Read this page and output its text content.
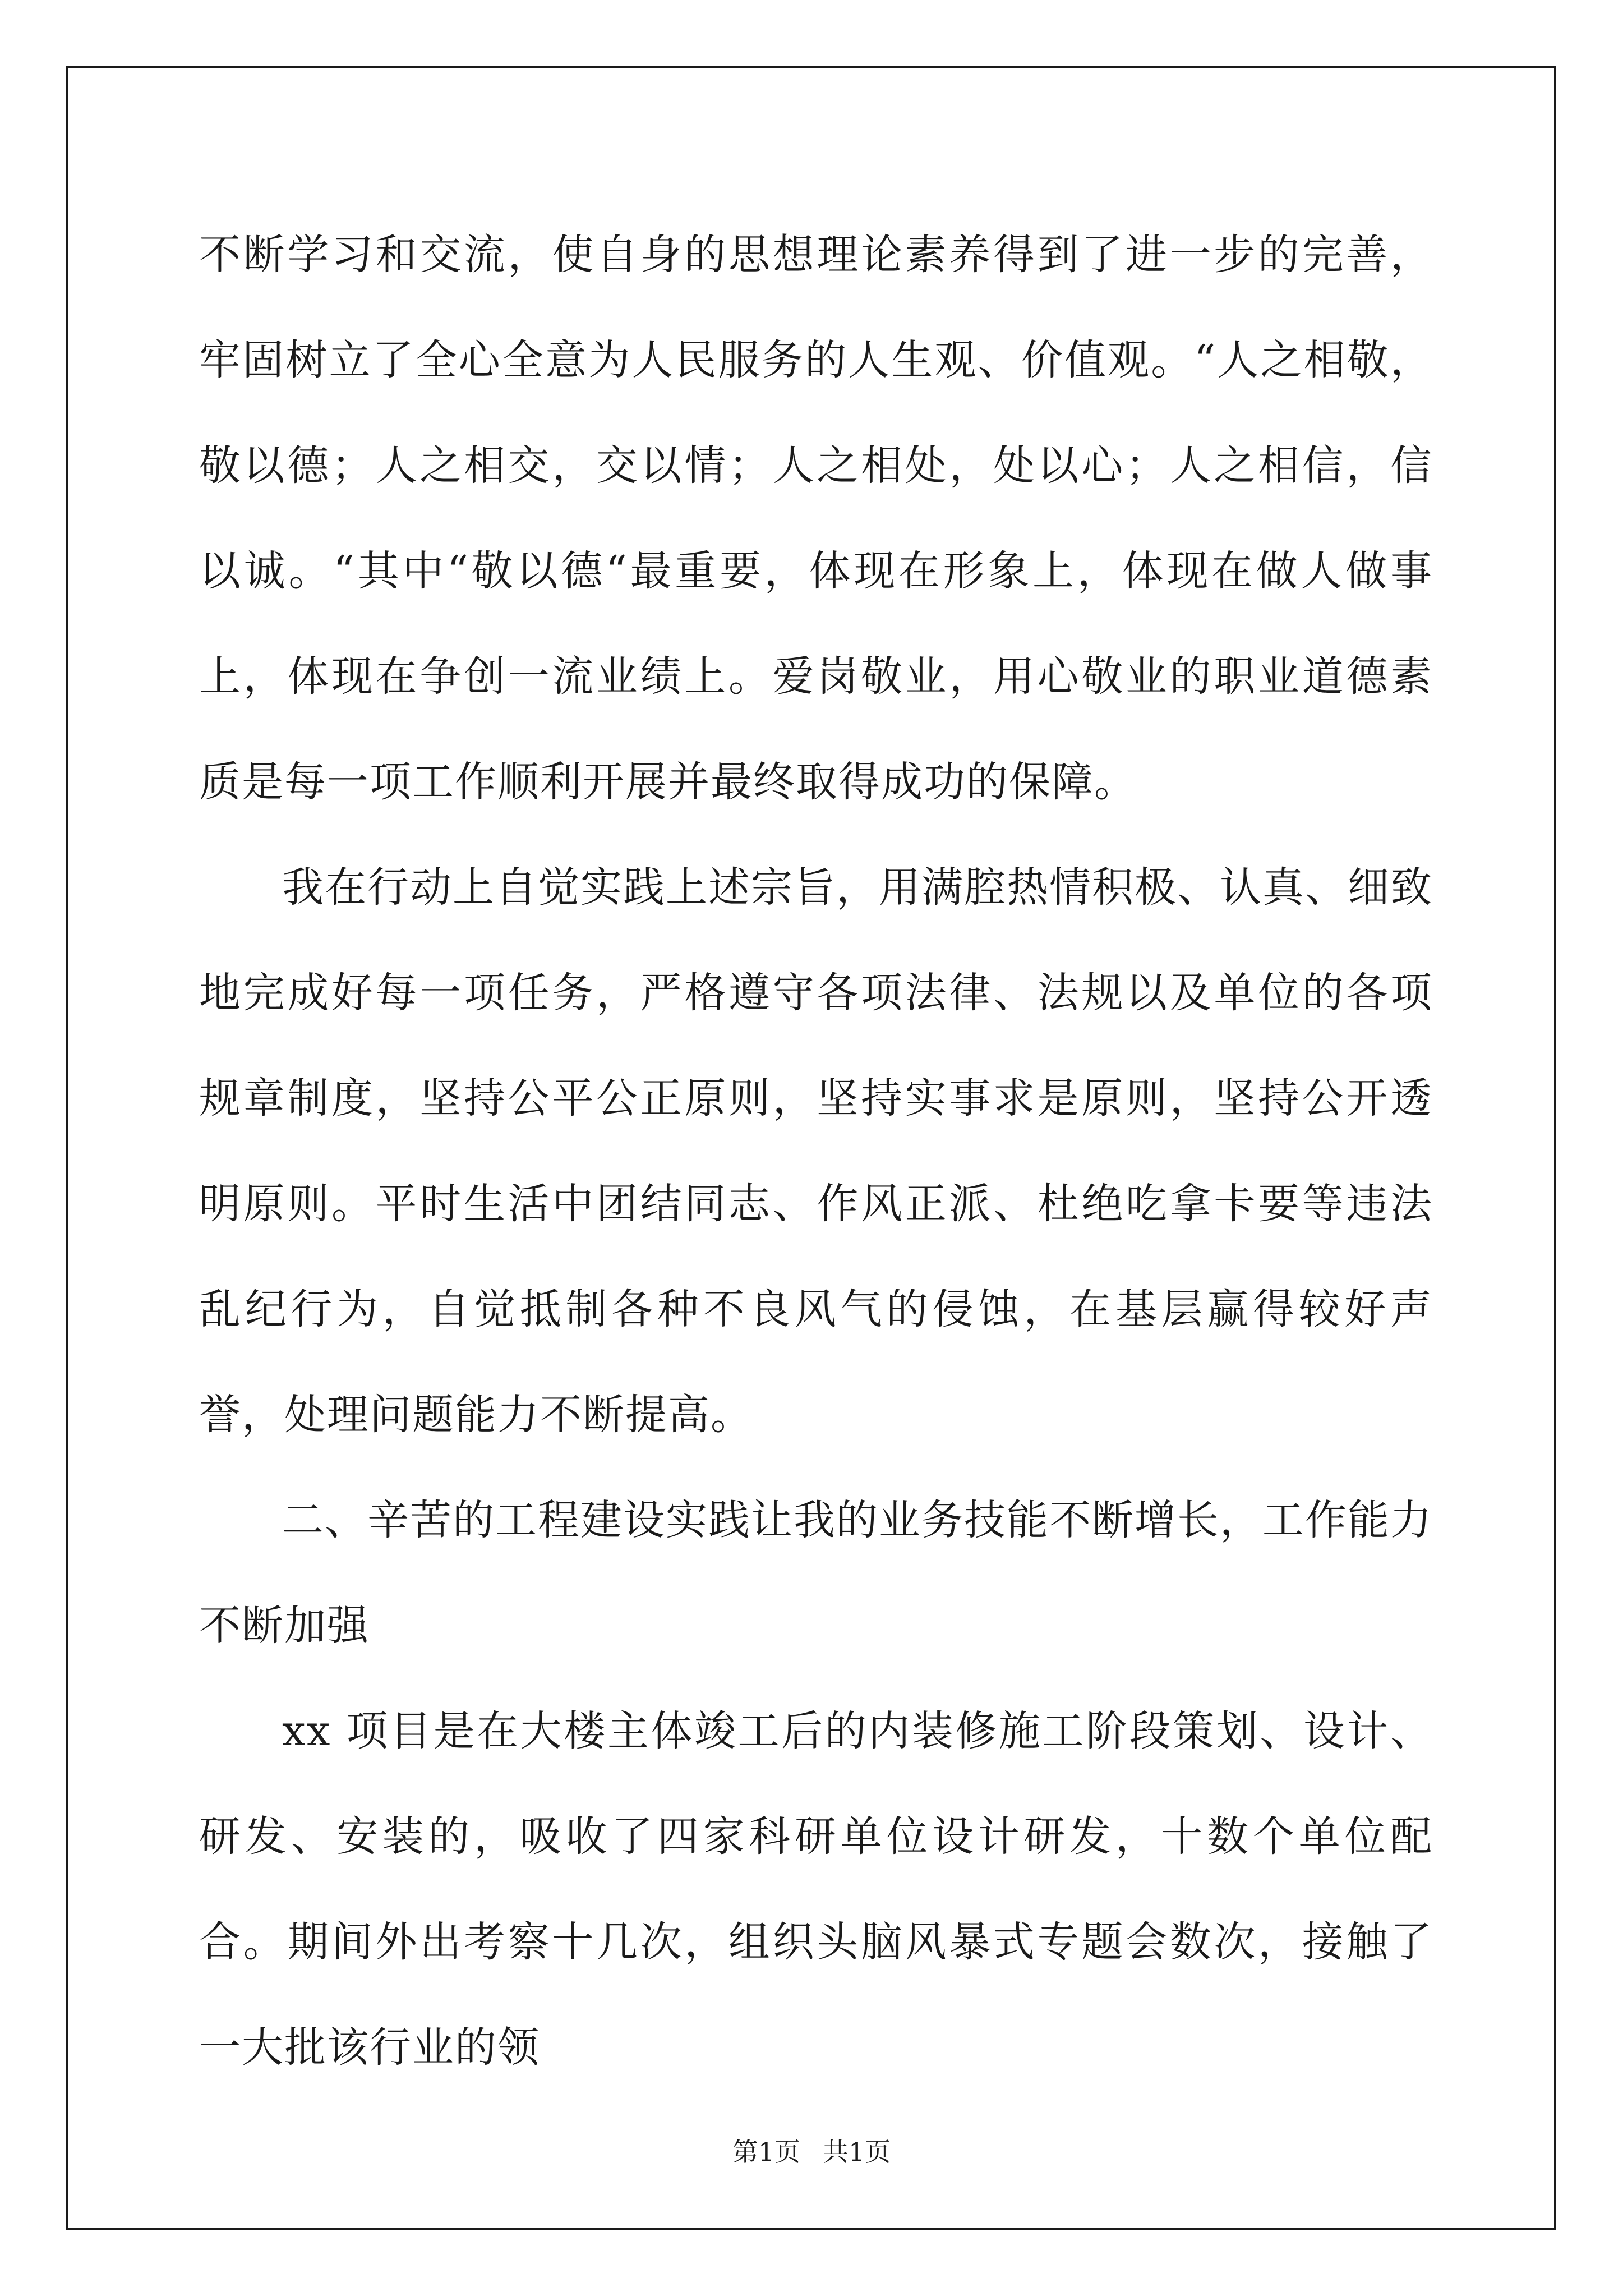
不断学习和交流，使自身的思想理论素养得到了进一步的完善，牢固树立了全心全意为人民服务的人生观、价值观。“人之相敬，敬以德；人之相交，交以情；人之相处，处以心；人之相信，信以诚。“其中“敬以德“最重要，体现在形象上，体现在做人做事上，体现在争创一流业绩上。爱岗敬业，用心敬业的职业道德素质是每一项工作顺利开展并最终取得成功的保障。

我在行动上自觉实践上述宗旨，用满腔热情积极、认真、细致地完成好每一项任务，严格遵守各项法律、法规以及单位的各项规章制度，坚持公平公正原则，坚持实事求是原则，坚持公开透明原则。平时生活中团结同志、作风正派、杜绝吃拿卡要等违法乱纪行为，自觉抵制各种不良风气的侵蚀，在基层赢得较好声誉，处理问题能力不断提高。

二、辛苦的工程建设实践让我的业务技能不断增长，工作能力不断加强

xx 项目是在大楼主体竣工后的内装修施工阶段策划、设计、研发、安装的，吸收了四家科研单位设计研发，十数个单位配合。期间外出考察十几次，组织头脑风暴式专题会数次，接触了一大批该行业的领

第1页 共1页
